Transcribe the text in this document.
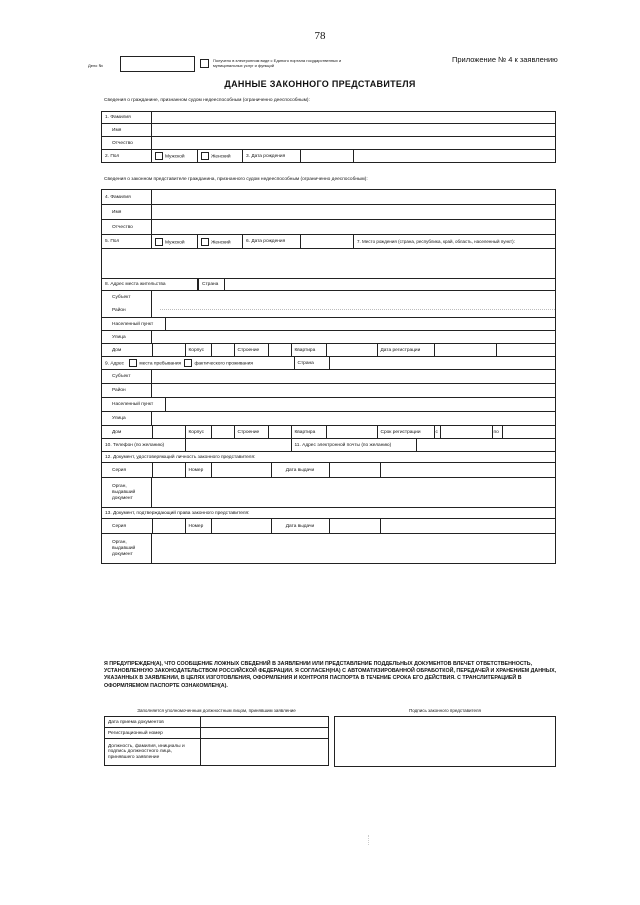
78
Дело №
Получено в электронном виде с Единого портала государственных и муниципальных услуг и функций
Приложение № 4 к заявлению
ДАННЫЕ ЗАКОННОГО ПРЕДСТАВИТЕЛЯ
Сведения о гражданине, признанном судом недееспособным (ограниченно дееспособным):
1. Фамилия					
Имя					
Отчество					
2. Пол	Мужской	Женский	3. Дата рождения		
Сведения о законном представителе гражданина, признанного судом недееспособным (ограниченно дееспособным):
4. Фамилия	
Имя	
Отчество	
5. Пол	Мужской	Женский	6. Дата рождения		7. Место рождения (страна, республика, край, область, населенный пункт):

8. Адрес места жительства		Страна	

Субъект
Район

Населенный пункт	

Улица	

Дом		Корпус		Строение		Квартира		Дата регистрации		

9. Адрес	места пребывания	фактического проживания	Страна	

Субъект	
Район	

Населенный пункт	

Улица	

Дом		Корпус		Строение		Квартира		Срок регистрации	с		по	

10. Телефон (по желанию)		11. Адрес электронной почты (по желанию)	

12. Документ, удостоверяющий личность законного представителя:

Серия		Номер		Дата выдачи		

Орган, выдавший документ	
13. Документ, подтверждающий права законного представителя:

Серия		Номер		Дата выдачи		

Орган, выдавший документ	
Я ПРЕДУПРЕЖДЕН(А), ЧТО СООБЩЕНИЕ ЛОЖНЫХ СВЕДЕНИЙ В ЗАЯВЛЕНИИ ИЛИ ПРЕДСТАВЛЕНИЕ ПОДДЕЛЬНЫХ ДОКУМЕНТОВ ВЛЕЧЕТ ОТВЕТСТВЕННОСТЬ, УСТАНОВЛЕННУЮ ЗАКОНОДАТЕЛЬСТВОМ РОССИЙСКОЙ ФЕДЕРАЦИИ. Я СОГЛАСЕН(НА) С АВТОМАТИЗИРОВАННОЙ ОБРАБОТКОЙ, ПЕРЕДАЧЕЙ И ХРАНЕНИЕМ ДАННЫХ, УКАЗАННЫХ В ЗАЯВЛЕНИИ, В ЦЕЛЯХ ИЗГОТОВЛЕНИЯ, ОФОРМЛЕНИЯ И КОНТРОЛЯ ПАСПОРТА В ТЕЧЕНИЕ СРОКА ЕГО ДЕЙСТВИЯ. С ТРАНСЛИТЕРАЦИЕЙ В ОФОРМЛЯЕМОМ ПАСПОРТЕ ОЗНАКОМЛЕН(А).
Заполняется уполномоченным должностным лицом, принявшим заявление
Дата приема документов	
Регистрационный номер	
Должность, фамилия, инициалы и подпись должностного лица, принявшего заявление	
Подпись законного представителя
